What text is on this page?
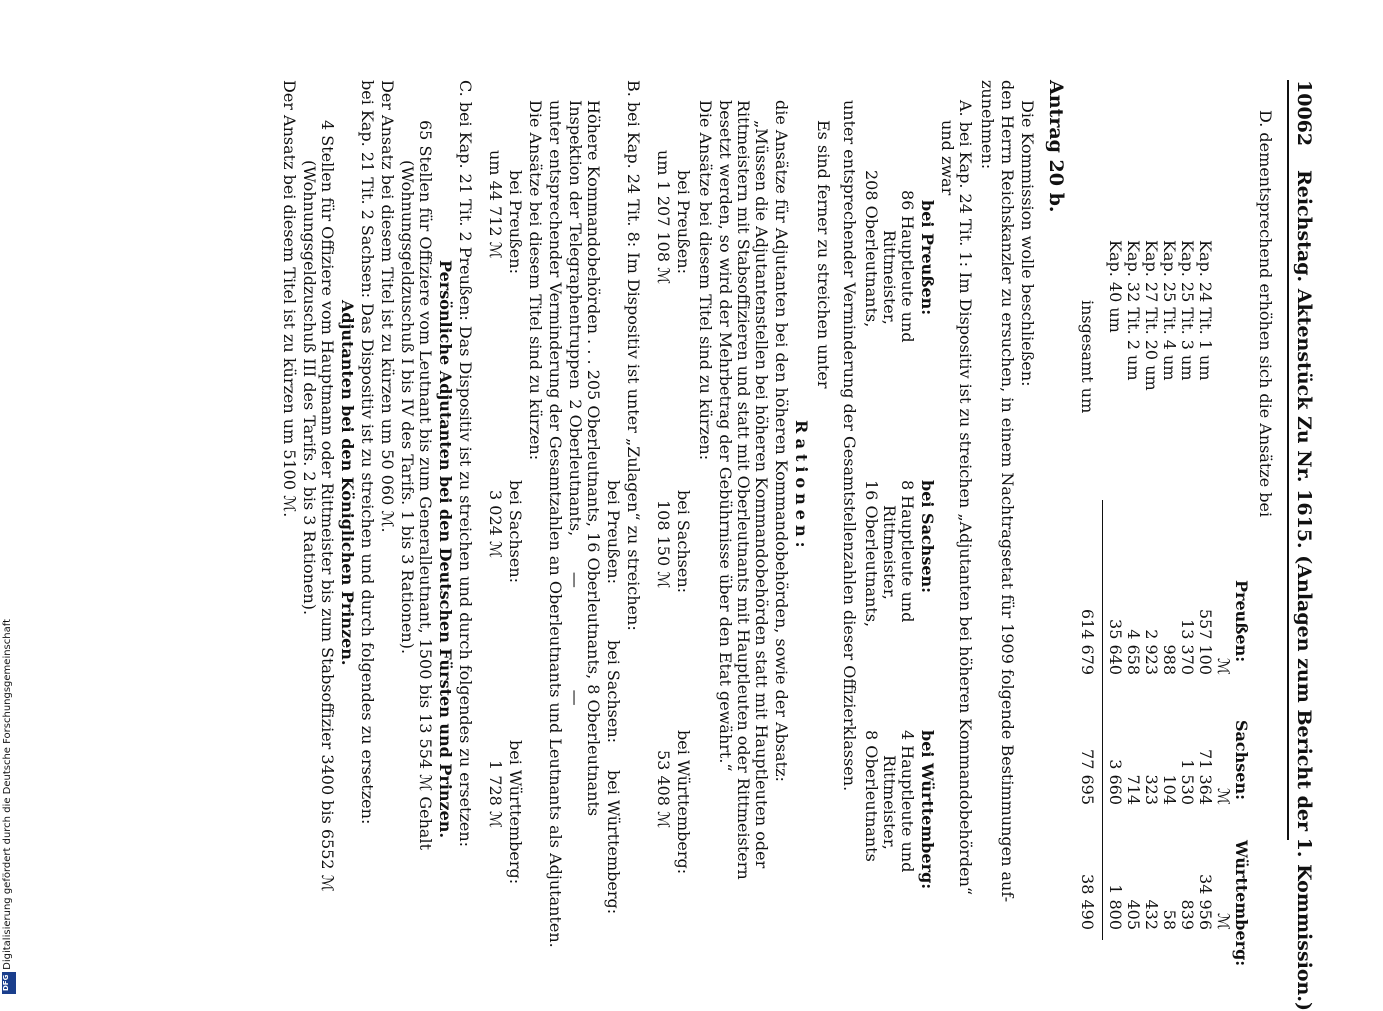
10062
Reichstag. Aktenstück Zu Nr. 1615. (Anlagen zum Bericht der 1. Kommission.)
D. dementsprechend erhöhen sich die Ansätze bei
Preußen:
Sachsen:
Württemberg:
ℳ
ℳ
ℳ
Kap. 24 Tit. 1 um
557 100
71 364
34 956
Kap. 25 Tit. 3 um
13 370
1 530
839
Kap. 25 Tit. 4 um
988
104
58
Kap. 27 Tit. 20 um
2 923
323
432
Kap. 32 Tit. 2 um
4 658
714
405
Kap. 40 um
35 640
3 660
1 800
insgesamt um
614 679
77 695
38 490
Antrag 20 b.
Die Kommission wolle beschließen:
den Herrn Reichskanzler zu ersuchen, in einem Nachtragsetat für 1909 folgende Bestimmungen auf-
zunehmen:
A. bei Kap. 24 Tit. 1: Im Dispositiv ist zu streichen „Adjutanten bei höheren Kommandobehörden“
und zwar
bei Preußen:
bei Sachsen:
bei Württemberg:
86 Hauptleute und
Rittmeister,
208 Oberleutnants,
8 Hauptleute und
Rittmeister,
16 Oberleutnants,
4 Hauptleute und
Rittmeister,
8 Oberleutnants
unter entsprechender Verminderung der Gesamtstellenzahlen dieser Offizierklassen.
Es sind ferner zu streichen unter
Rationen:
die Ansätze für Adjutanten bei den höheren Kommandobehörden, sowie der Absatz:
„Müssen die Adjutantenstellen bei höheren Kommandobehörden statt mit Hauptleuten oder
Rittmeistern mit Stabsoffizieren und statt mit Oberleutnants mit Hauptleuten oder Rittmeistern
besetzt werden, so wird der Mehrbetrag der Gebührnisse über den Etat gewährt.“
Die Ansätze bei diesem Titel sind zu kürzen:
bei Preußen:
bei Sachsen:
bei Württemberg:
um 1 207 108 ℳ
108 150 ℳ
53 408 ℳ
B. bei Kap. 24 Tit. 8: Im Dispositiv ist unter „Zulagen“ zu streichen:
bei Preußen:
bei Sachsen:
bei Württemberg:
Höhere Kommandobehörden . . . 205 Oberleutnants, 16 Oberleutnants, 8 Oberleutnants
Inspektion der Telegraphentruppen  2 Oberleutnants,       —                    —
unter entsprechender Verminderung der Gesamtzahlen an Oberleutnants und Leutnants als Adjutanten.
Die Ansätze bei diesem Titel sind zu kürzen:
bei Preußen:
bei Sachsen:
bei Württemberg:
um 44 712 ℳ
3 024 ℳ
1 728 ℳ
C. bei Kap. 21 Tit. 2 Preußen: Das Dispositiv ist zu streichen und durch folgendes zu ersetzen:
Persönliche Adjutanten bei den Deutschen Fürsten und Prinzen.
65 Stellen für Offiziere vom Leutnant bis zum Generalleutnant, 1500 bis 13 554 ℳ Gehalt
(Wohnungsgeldzuschuß I bis IV des Tarifs. 1 bis 3 Rationen).
Der Ansatz bei diesem Titel ist zu kürzen um 50 060 ℳ.
bei Kap. 21 Tit. 2 Sachsen: Das Dispositiv ist zu streichen und durch folgendes zu ersetzen:
Adjutanten bei den Königlichen Prinzen.
4 Stellen für Offiziere vom Hauptmann oder Rittmeister bis zum Stabsoffizier 3400 bis 6552 ℳ
(Wohnungsgeldzuschuß III des Tarifs. 2 bis 3 Rationen).
Der Ansatz bei diesem Titel ist zu kürzen um 5100 ℳ.
DFG
Digitalisierung gefördert durch die Deutsche Forschungsgemeinschaft
